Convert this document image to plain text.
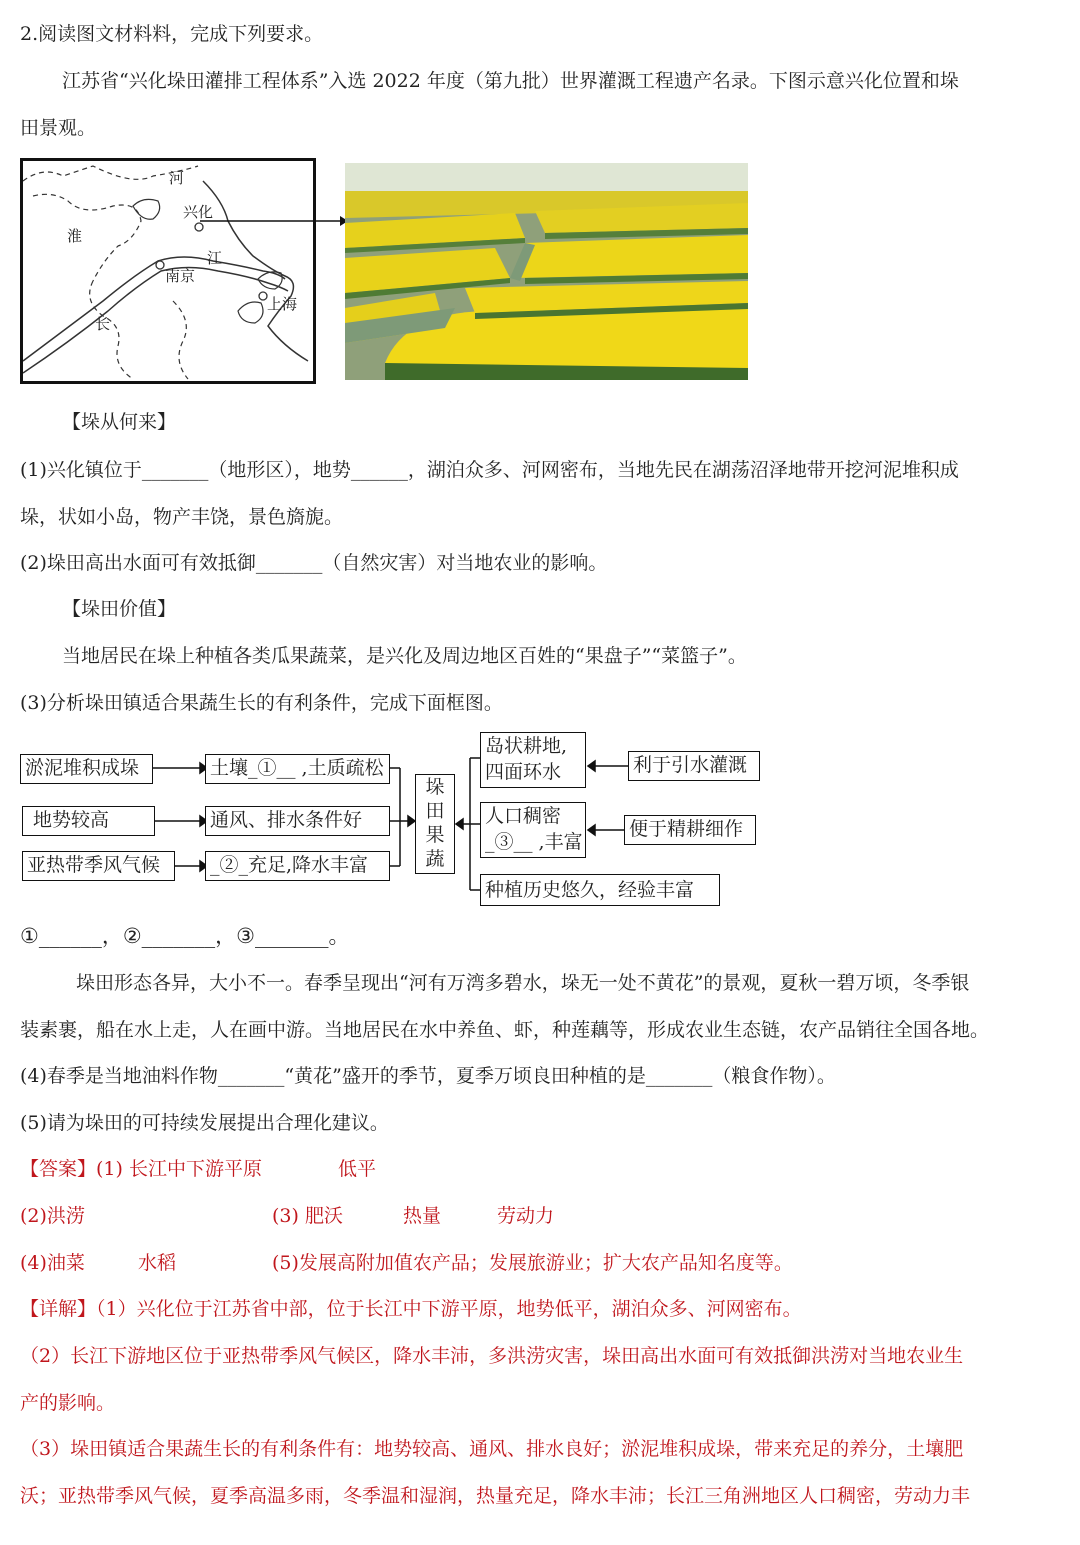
2.阅读图文材料料，完成下列要求。
江苏省“兴化垛田灌排工程体系”入选 2022 年度（第九批）世界灌溉工程遗产名录。下图示意兴化位置和垛
田景观。
河
兴化
淮
江
南京
上海
长
【垛从何来】
(1)兴化镇位于_______（地形区），地势______，湖泊众多、河网密布，当地先民在湖荡沼泽地带开挖河泥堆积成
垛，状如小岛，物产丰饶，景色旖旎。
(2)垛田高出水面可有效抵御_______（自然灾害）对当地农业的影响。
【垛田价值】
当地居民在垛上种植各类瓜果蔬菜，是兴化及周边地区百姓的“果盘子”“菜篮子”。
(3)分析垛田镇适合果蔬生长的有利条件，完成下面框图。
淤泥堆积成垛
地势较高
亚热带季风气候
土壤_①__ ,土质疏松
通风、排水条件好
_②_充足,降水丰富
垛
田
果
蔬
岛状耕地,
四面环水
人口稠密
_③__ ,丰富
种植历史悠久，经验丰富
利于引水灌溉
便于精耕细作
①______，②_______，③_______。
垛田形态各异，大小不一。春季呈现出“河有万湾多碧水，垛无一处不黄花”的景观，夏秋一碧万顷，冬季银
装素裹，船在水上走，人在画中游。当地居民在水中养鱼、虾，种莲藕等，形成农业生态链，农产品销往全国各地。
(4)春季是当地油料作物_______“黄花”盛开的季节，夏季万顷良田种植的是_______（粮食作物）。
(5)请为垛田的可持续发展提出合理化建议。
【答案】(1) 长江中下游平原	低平
(2)洪涝	(3) 肥沃	热量	劳动力
(4)油菜	水稻	(5)发展高附加值农产品；发展旅游业；扩大农产品知名度等。
【详解】（1）兴化位于江苏省中部，位于长江中下游平原，地势低平，湖泊众多、河网密布。
（2）长江下游地区位于亚热带季风气候区，降水丰沛，多洪涝灾害，垛田高出水面可有效抵御洪涝对当地农业生
产的影响。
（3）垛田镇适合果蔬生长的有利条件有：地势较高、通风、排水良好；淤泥堆积成垛，带来充足的养分，土壤肥
沃；亚热带季风气候，夏季高温多雨，冬季温和湿润，热量充足，降水丰沛；长江三角洲地区人口稠密，劳动力丰
